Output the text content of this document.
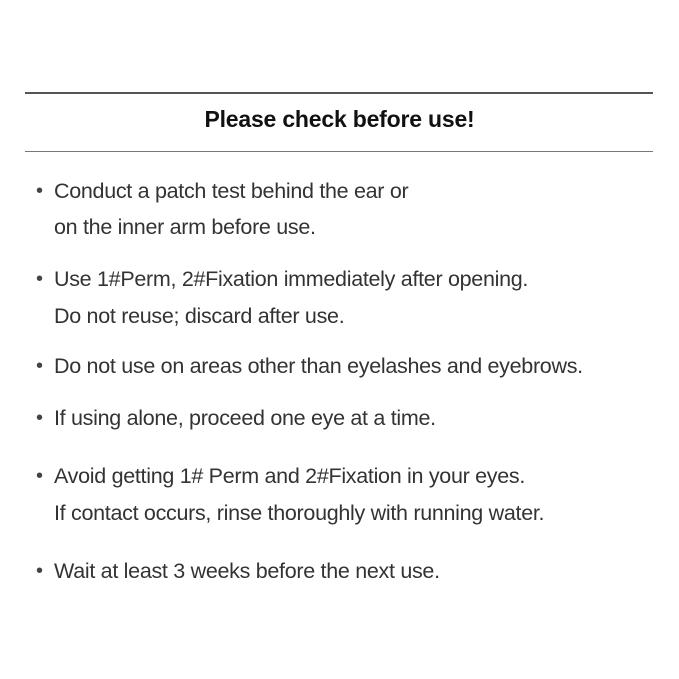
Please check before use!
• Conduct a patch test behind the ear or
on the inner arm before use.
• Use 1#Perm, 2#Fixation immediately after opening.
Do not reuse; discard after use.
• Do not use on areas other than eyelashes and eyebrows.
• If using alone, proceed one eye at a time.
• Avoid getting 1# Perm and 2#Fixation in your eyes.
If contact occurs, rinse thoroughly with running water.
• Wait at least 3 weeks before the next use.
